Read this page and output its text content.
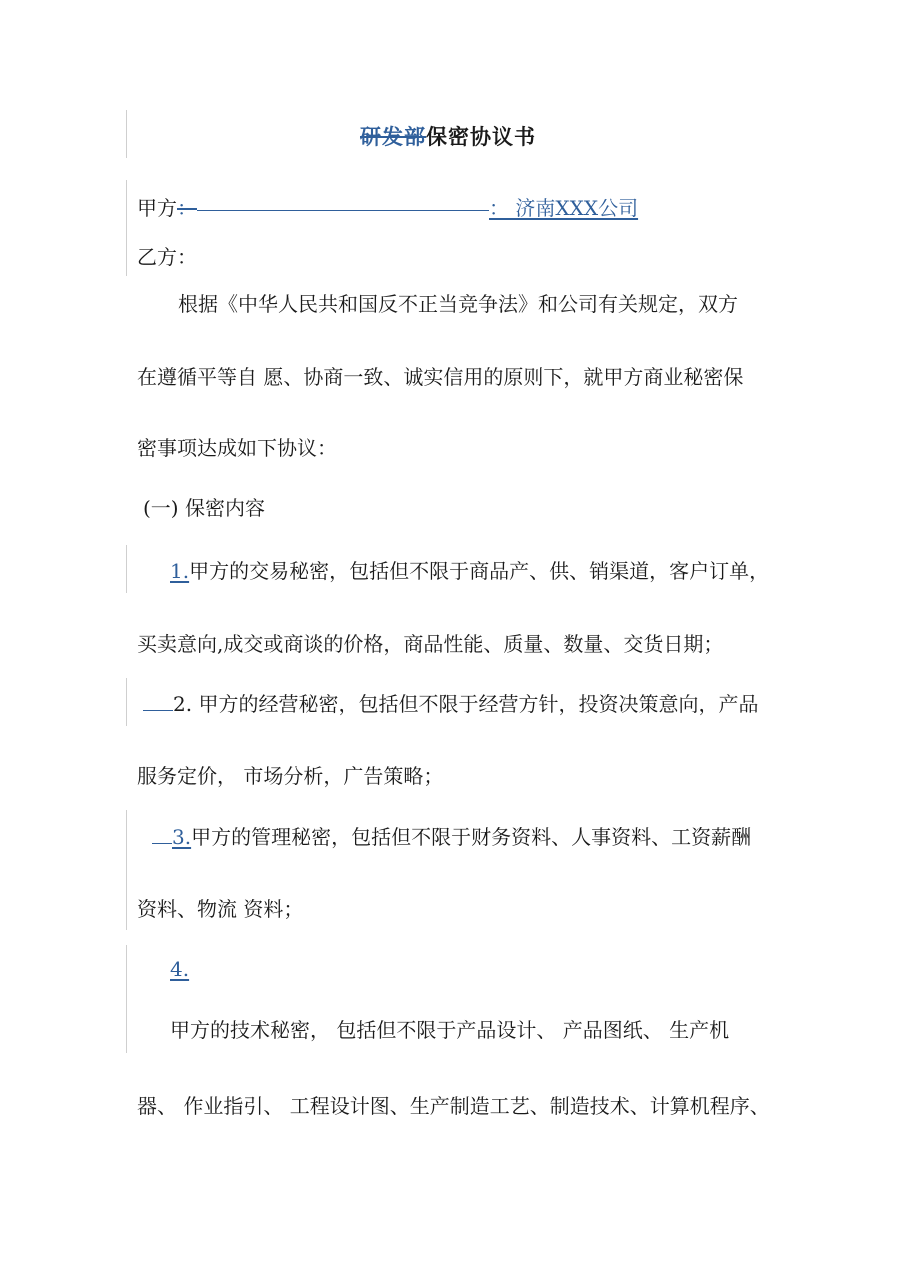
研发部保密协议书
甲方：	： 济南XXX公司
乙方：
根据《中华人民共和国反不正当竞争法》和公司有关规定，双方
在遵循平等自 愿、协商一致、诚实信用的原则下，就甲方商业秘密保
密事项达成如下协议：
(一) 保密内容
1.甲方的交易秘密，包括但不限于商品产、供、销渠道，客户订单，
买卖意向,成交或商谈的价格，商品性能、质量、数量、交货日期；
2. 甲方的经营秘密，包括但不限于经营方针，投资决策意向，产品
服务定价， 市场分析，广告策略；
3.甲方的管理秘密，包括但不限于财务资料、人事资料、工资薪酬
资料、物流 资料；
4.
甲方的技术秘密， 包括但不限于产品设计、 产品图纸、 生产机
器、 作业指引、 工程设计图、生产制造工艺、制造技术、计算机程序、
